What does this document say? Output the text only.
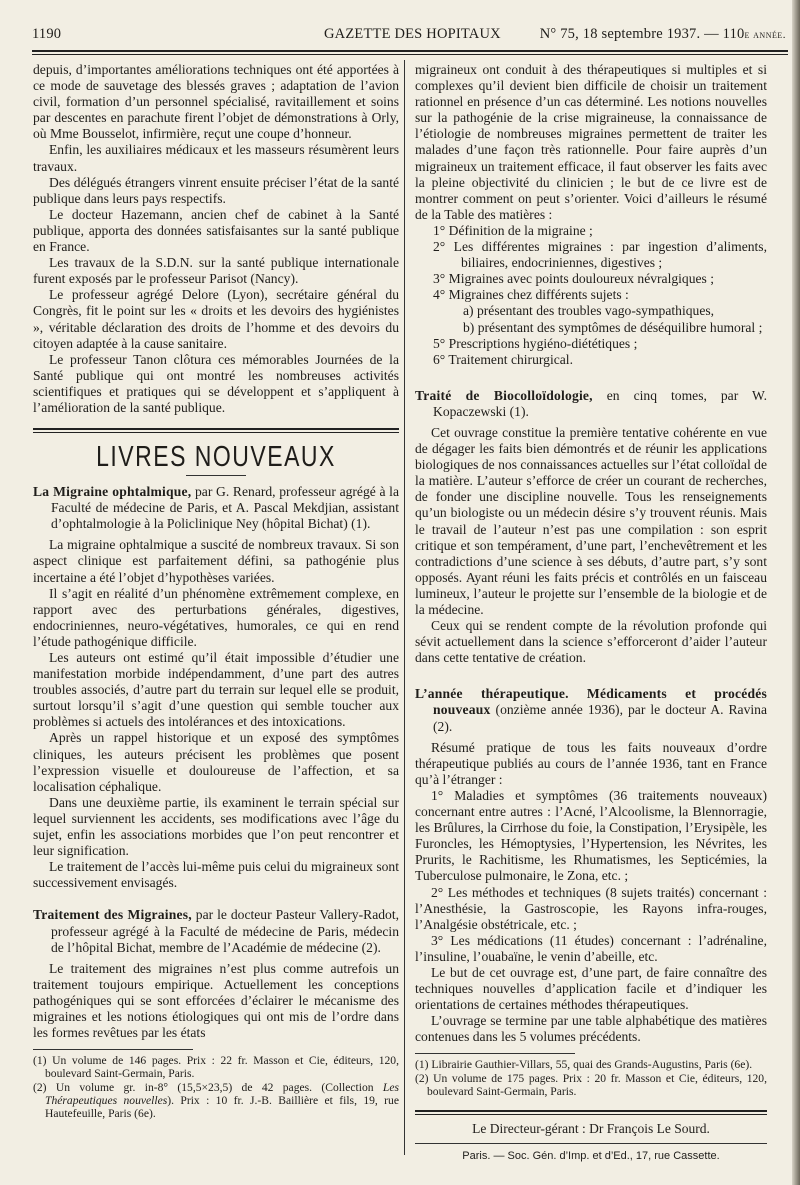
1190	GAZETTE DES HOPITAUX	N° 75, 18 septembre 1937. — 110e année.

depuis, d’importantes améliorations techniques ont été apportées à ce mode de sauvetage des blessés graves ; adaptation de l’avion civil, formation d’un personnel spécialisé, ravitaillement et soins par descentes en parachute firent l’objet de démonstrations à Orly, où Mme Bousselot, infirmière, reçut une coupe d’honneur.

Enfin, les auxiliaires médicaux et les masseurs résumèrent leurs travaux.

Des délégués étrangers vinrent ensuite préciser l’état de la santé publique dans leurs pays respectifs.

Le docteur Hazemann, ancien chef de cabinet à la Santé publique, apporta des données satisfaisantes sur la santé publique en France.

Les travaux de la S.D.N. sur la santé publique internationale furent exposés par le professeur Parisot (Nancy).

Le professeur agrégé Delore (Lyon), secrétaire général du Congrès, fit le point sur les « droits et les devoirs des hygiénistes », véritable déclaration des droits de l’homme et des devoirs du citoyen adaptée à la cause sanitaire.

Le professeur Tanon clôtura ces mémorables Journées de la Santé publique qui ont montré les nombreuses activités scientifiques et pratiques qui se développent et s’appliquent à l’amélioration de la santé publique.

LIVRES NOUVEAUX

La Migraine ophtalmique, par G. Renard, professeur agrégé à la Faculté de médecine de Paris, et A. Pascal Mekdjian, assistant d’ophtalmologie à la Policlinique Ney (hôpital Bichat) (1).

La migraine ophtalmique a suscité de nombreux travaux. Si son aspect clinique est parfaitement défini, sa pathogénie plus incertaine a été l’objet d’hypothèses variées.

Il s’agit en réalité d’un phénomène extrêmement complexe, en rapport avec des perturbations générales, digestives, endocriniennes, neuro-végétatives, humorales, ce qui en rend l’étude pathogénique difficile.

Les auteurs ont estimé qu’il était impossible d’étudier une manifestation morbide indépendamment, d’une part des autres troubles associés, d’autre part du terrain sur lequel elle se produit, surtout lorsqu’il s’agit d’une question qui semble toucher aux problèmes si actuels des intolérances et des intoxications.

Après un rappel historique et un exposé des symptômes cliniques, les auteurs précisent les problèmes que posent l’expression visuelle et douloureuse de l’affection, et sa localisation céphalique.

Dans une deuxième partie, ils examinent le terrain spécial sur lequel surviennent les accidents, ses modifications avec l’âge du sujet, enfin les associations morbides que l’on peut rencontrer et leur signification.

Le traitement de l’accès lui-même puis celui du migraineux sont successivement envisagés.

Traitement des Migraines, par le docteur Pasteur Vallery-Radot, professeur agrégé à la Faculté de médecine de Paris, médecin de l’hôpital Bichat, membre de l’Académie de médecine (2).

Le traitement des migraines n’est plus comme autrefois un traitement toujours empirique. Actuellement les conceptions pathogéniques qui se sont efforcées d’éclairer le mécanisme des migraines et les notions étiologiques qui ont mis de l’ordre dans les formes revêtues par les états

(1) Un volume de 146 pages. Prix : 22 fr. Masson et Cie, éditeurs, 120, boulevard Saint-Germain, Paris.

(2) Un volume gr. in-8° (15,5×23,5) de 42 pages. (Collection Les Thérapeutiques nouvelles). Prix : 10 fr. J.-B. Baillière et fils, 19, rue Hautefeuille, Paris (6e).

migraineux ont conduit à des thérapeutiques si multiples et si complexes qu’il devient bien difficile de choisir un traitement rationnel en présence d’un cas déterminé. Les notions nouvelles sur la pathogénie de la crise migraineuse, la connaissance de l’étiologie de nombreuses migraines permettent de traiter les malades d’une façon très rationnelle. Pour faire auprès d’un migraineux un traitement efficace, il faut observer les faits avec la pleine objectivité du clinicien ; le but de ce livre est de montrer comment on peut s’orienter. Voici d’ailleurs le résumé de la Table des matières :

1° Définition de la migraine ;

2° Les différentes migraines : par ingestion d’aliments, biliaires, endocriniennes, digestives ;

3° Migraines avec points douloureux névralgiques ;

4° Migraines chez différents sujets :

a) présentant des troubles vago-sympathiques,

b) présentant des symptômes de déséquilibre humoral ;

5° Prescriptions hygiéno-diététiques ;

6° Traitement chirurgical.

Traité de Biocolloïdologie, en cinq tomes, par W. Kopaczewski (1).

Cet ouvrage constitue la première tentative cohérente en vue de dégager les faits bien démontrés et de réunir les applications biologiques de nos connaissances actuelles sur l’état colloïdal de la matière. L’auteur s’efforce de créer un courant de recherches, de fonder une discipline nouvelle. Tous les renseignements qu’un biologiste ou un médecin désire s’y trouvent réunis. Mais le travail de l’auteur n’est pas une compilation : son esprit critique et son tempérament, d’une part, l’enchevêtrement et les contradictions d’une science à ses débuts, d’autre part, s’y sont opposés. Ayant réuni les faits précis et contrôlés en un faisceau lumineux, l’auteur le projette sur l’ensemble de la biologie et de la médecine.

Ceux qui se rendent compte de la révolution profonde qui sévit actuellement dans la science s’efforceront d’aider l’auteur dans cette tentative de création.

L’année thérapeutique. Médicaments et procédés nouveaux (onzième année 1936), par le docteur A. Ravina (2).

Résumé pratique de tous les faits nouveaux d’ordre thérapeutique publiés au cours de l’année 1936, tant en France qu’à l’étranger :

1° Maladies et symptômes (36 traitements nouveaux) concernant entre autres : l’Acné, l’Alcoolisme, la Blennorragie, les Brûlures, la Cirrhose du foie, la Constipation, l’Erysipèle, les Furoncles, les Hémoptysies, l’Hypertension, les Névrites, les Prurits, le Rachitisme, les Rhumatismes, les Septicémies, la Tuberculose pulmonaire, le Zona, etc. ;

2° Les méthodes et techniques (8 sujets traités) concernant : l’Anesthésie, la Gastroscopie, les Rayons infra-rouges, l’Analgésie obstétricale, etc. ;

3° Les médications (11 études) concernant : l’adrénaline, l’insuline, l’ouabaïne, le venin d’abeille, etc.

Le but de cet ouvrage est, d’une part, de faire connaître des techniques nouvelles d’application facile et d’indiquer les orientations de certaines méthodes thérapeutiques.

L’ouvrage se termine par une table alphabétique des matières contenues dans les 5 volumes précédents.

(1) Librairie Gauthier-Villars, 55, quai des Grands-Augustins, Paris (6e).

(2) Un volume de 175 pages. Prix : 20 fr. Masson et Cie, éditeurs, 120, boulevard Saint-Germain, Paris.

Le Directeur-gérant : Dr François Le Sourd.
Paris. — Soc. Gén. d’Imp. et d’Ed., 17, rue Cassette.
